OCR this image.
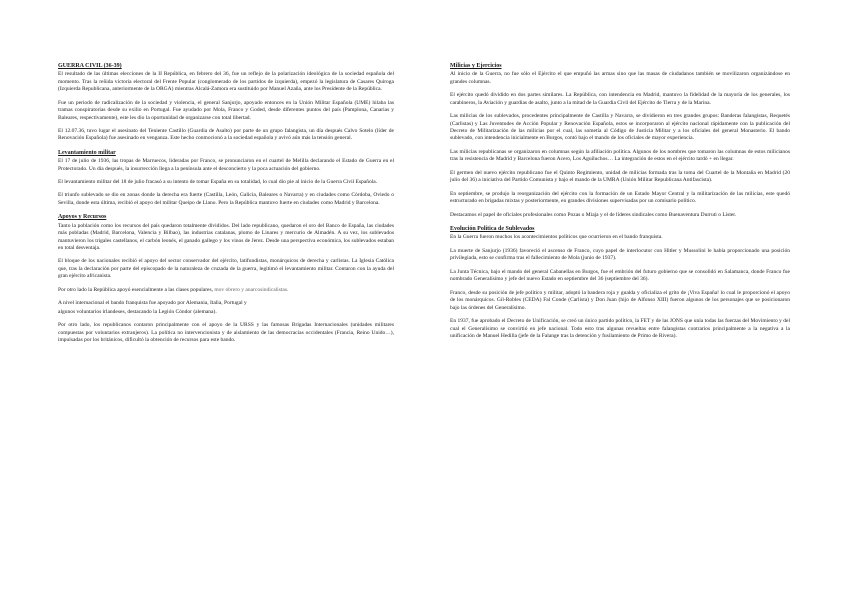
GUERRA CIVIL (36-39)

El resultado de las últimas elecciones de la II República, en febrero del 36, fue un reflejo de la polarización ideológica de la sociedad española del momento. Tras la reñida victoria electoral del Frente Popular (conglomerado de los partidos de izquierda), empezó la legislatura de Casares Quiroga (Izquierda Republicana, anteriormente de la ORGA) mientras Alcalá-Zamora era sustituido por Manuel Azaña, ante los Presidente de la República.

Fue un periodo de radicalización de la sociedad y violencia, el general Sanjurjo, apoyado entonces en la Unión Militar Española (UME) hilaba las tramas conspiratorias desde su exilio en Portugal. Fue ayudado por Mola, Franco y Goded, desde diferentes puntos del país (Pamplona, Canarias y Baleares, respectivamente), este les dio la oportunidad de organizarse con total libertad.

El 12.07.36, tuvo lugar el asesinato del Teniente Castillo (Guardia de Asalto) por parte de un grupo falangista, un día después Calvo Sotelo (líder de Renovación Española) fue asesinado en venganza. Este hecho conmocionó a la sociedad española y avivó aún más la tensión general.

Levantamiento militar

El 17 de julio de 1936, las tropas de Marruecos, lideradas por Franco, se pronunciaron en el cuartel de Melilla declarando el Estado de Guerra en el Protectorado. Un día después, la insurrección llega a la península ante el desconcierto y la poca actuación del gobierno.

El levantamiento militar del 18 de julio fracasó a su intento de tomar España en su totalidad, lo cual dio pie al inicio de la Guerra Civil Española.

El triunfo sublevado se dio en zonas donde la derecha era fuerte (Castilla, León, Galicia, Baleares o Navarra) y en ciudades como Córdoba, Oviedo o Sevilla, donde esta última, recibió el apoyo del militar Queipo de Llano. Pero la República mantuvo fuerte en ciudades como Madrid y Barcelona.

Apoyos y Recursos

Tanto la población como los recursos del país quedaron totalmente divididos. Del lado republicano, quedaron el oro del Banco de España, las ciudades más pobladas (Madrid, Barcelona, Valencia y Bilbao), las industrias catalanas, plomo de Linares y mercurio de Almadén. A su vez, los sublevados mantuvieron los trigales castellanos, el carbón leonés, el ganado gallego y los vinos de Jerez. Desde una perspectiva económica, los sublevados estaban en total desventaja.

El bloque de los nacionales recibió el apoyo del sector conservador del ejército, latifundistas, monárquicos de derecha y carlistas. La Iglesia Católica que, tras la declaración por parte del episcopado de la naturaleza de cruzada de la guerra, legitimó el levantamiento militar. Contaron con la ayuda del gran ejército africanista.

Por otro lado la República apoyó esencialmente a las clases populares, mov obrero y anarcosindicalistas.

A nivel internacional el bando franquista fue apoyado por Alemania, Italia, Portugal y

algunos voluntarios irlandeses, destacando la Legión Cóndor (alemana).

Por otro lado, los republicanos contaron principalmente con el apoyo de la URSS y las famosas Brigadas Internacionales (unidades militares compuestas por voluntarios extranjeros). La política no intervencionista y de aislamiento de las democracias occidentales (Francia, Reino Unido…), impulsadas por los británicos, dificultó la obtención de recursos para este bando.

Milicias y Ejercicios

Al inicio de la Guerra, no fue sólo el Ejército el que empuñó las armas sino que las masas de ciudadanos también se movilizaron organizándose en grandes columnas.

El ejército quedó dividido en dos partes similares. La República, con intendencia en Madrid, mantuvo la fidelidad de la mayoría de los generales, los carabineros, la Aviación y guardias de asalto, junto a la mitad de la Guardia Civil del Ejército de Tierra y de la Marina.

Las milicias de los sublevados, procedentes principalmente de Castilla y Navarra, se dividieron en tres grandes grupos: Banderas falangistas, Requetés (Carlistas) y Las Juventudes de Acción Popular y Renovación Española, estos se incorporaron al ejército nacional rápidamente con la publicación del Decreto de Militarización de las milicias por el cual, las sometía al Código de Justicia Militar y a los oficiales del general Monasterio. El bando sublevado, con intendencia inicialmente en Burgos, contó bajo el mando de los oficiales de mayor experiencia.

Las milicias republicanas se organizaron en columnas según la afiliación política. Algunos de los nombres que tomaron las columnas de estos milicianos tras la resistencia de Madrid y Barcelona fueron Acero, Los Aguiluchos… La integración de estos en el ejército tardó + en llegar.

El germen del nuevo ejército republicano fue el Quinto Regimiento, unidad de milicias formada tras la toma del Cuartel de la Montaña en Madrid (20 julio del 36) a iniciativa del Partido Comunista y bajo el mando de la UMRA (Unión Militar Republicana Antifascista).

En septiembre, se produjo la reorganización del ejército con la formación de un Estado Mayor Central y la militarización de las milicias, este quedó estructurado en brigadas mixtas y posteriormente, en grandes divisiones supervisadas por un comisario político.

Destacamos el papel de oficiales profesionales como Pozas o Miaja y el de líderes sindicales como Buenaventura Durruti o Líster.

Evolución Política de Sublevados

En la Guerra fueron muchos los acontecimientos políticos que ocurrieron en el bando franquista.

La muerte de Sanjurjo (1936) favoreció el ascenso de Franco, cuyo papel de interlocutor con Hitler y Mussolini le había proporcionado una posición privilegiada, esto se confirma tras el fallecimiento de Mola (junio de 1937).

La Junta Técnica, bajo el mando del general Cabanellas en Burgos, fue el embrión del futuro gobierno que se consolidó en Salamanca, donde Franco fue nombrado Generalísimo y jefe del nuevo Estado en septiembre del 36 (septiembre del 36).

Franco, desde su posición de jefe político y militar, adoptó la bandera roja y gualda y oficializa el grito de ¡Viva España! lo cual le proporcionó el apoyo de los monárquicos. Gil-Robles (CEDA) Fal Conde (Carlista) y Don Juan (hijo de Alfonso XIII) fueron algunos de los personajes que se posicionaron bajo las órdenes del Generalísimo.

En 1937, fue aprobado el Decreto de Unificación, se creó un único partido político, la FET y de las JONS que unía todas las fuerzas del Movimiento y del cual el Generalísimo se convirtió en jefe nacional. Todo esto tras algunas revueltas entre falangistas contrarios principalmente a la negativa a la unificación de Manuel Hedilla (jefe de la Falange tras la detención y fusilamiento de Primo de Rivera).
